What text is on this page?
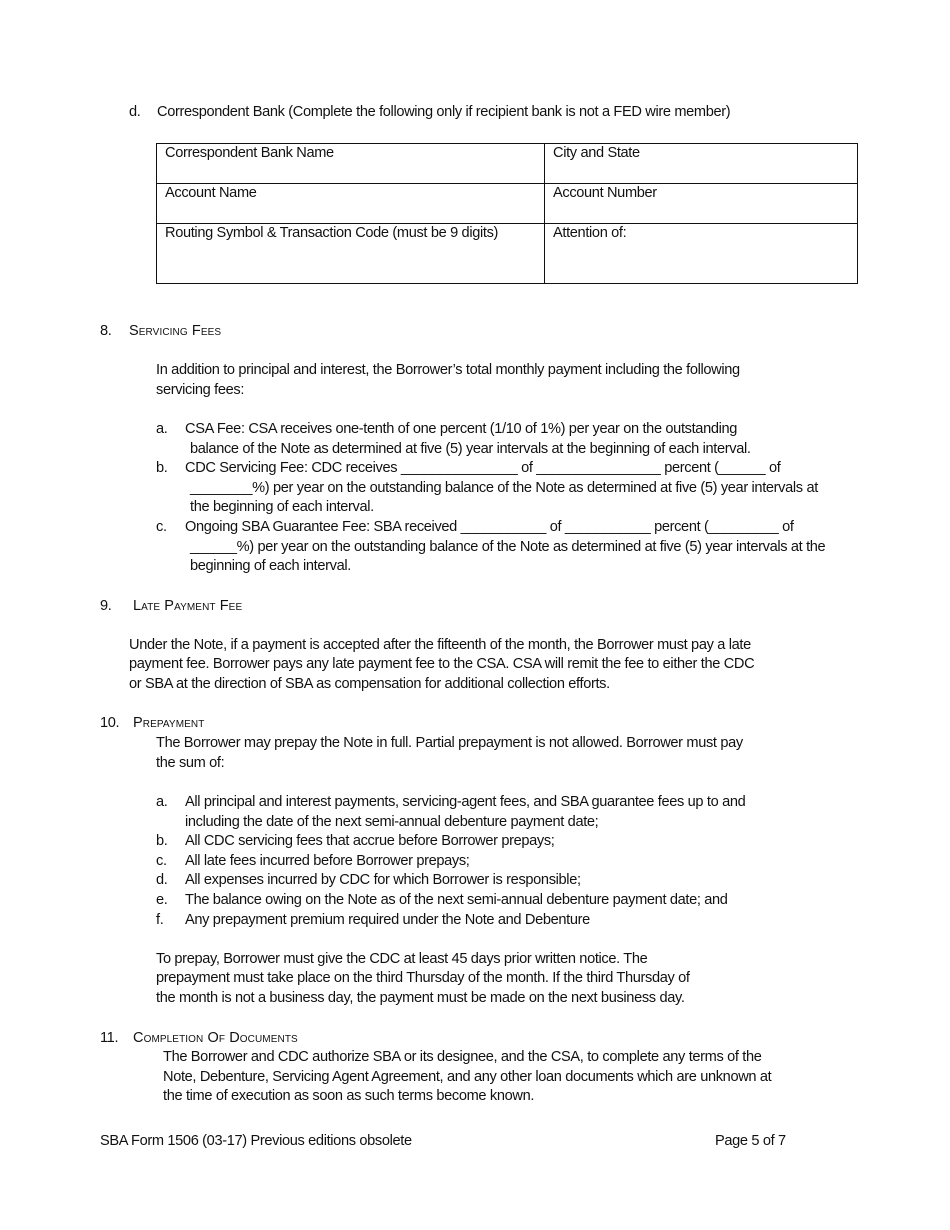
d. Correspondent Bank (Complete the following only if recipient bank is not a FED wire member)
Correspondent Bank Name	City and State
Account Name	Account Number

Routing Symbol & Transaction Code (must be 9 digits)	Attention of:
8. Servicing Fees
In addition to principal and interest, the Borrower’s total monthly payment including the following
servicing fees:
a. CSA Fee: CSA receives one-tenth of one percent (1/10 of 1%) per year on the outstanding
balance of the Note as determined at five (5) year intervals at the beginning of each interval.
b. CDC Servicing Fee: CDC receives _______________ of ________________ percent (______ of
________%) per year on the outstanding balance of the Note as determined at five (5) year intervals at
the beginning of each interval.
c. Ongoing SBA Guarantee Fee: SBA received ___________ of ___________ percent (_________ of
______%) per year on the outstanding balance of the Note as determined at five (5) year intervals at the
beginning of each interval.
9. Late Payment Fee
Under the Note, if a payment is accepted after the fifteenth of the month, the Borrower must pay a late
payment fee. Borrower pays any late payment fee to the CSA. CSA will remit the fee to either the CDC
or SBA at the direction of SBA as compensation for additional collection efforts.
10. Prepayment
The Borrower may prepay the Note in full. Partial prepayment is not allowed. Borrower must pay
the sum of:
a. All principal and interest payments, servicing-agent fees, and SBA guarantee fees up to and
including the date of the next semi-annual debenture payment date;
b. All CDC servicing fees that accrue before Borrower prepays;
c. All late fees incurred before Borrower prepays;
d. All expenses incurred by CDC for which Borrower is responsible;
e. The balance owing on the Note as of the next semi-annual debenture payment date; and
f. Any prepayment premium required under the Note and Debenture
To prepay, Borrower must give the CDC at least 45 days prior written notice. The
prepayment must take place on the third Thursday of the month. If the third Thursday of
the month is not a business day, the payment must be made on the next business day.
11. Completion Of Documents
The Borrower and CDC authorize SBA or its designee, and the CSA, to complete any terms of the
Note, Debenture, Servicing Agent Agreement, and any other loan documents which are unknown at
the time of execution as soon as such terms become known.
SBA Form 1506 (03-17) Previous editions obsolete	Page 5 of 7
